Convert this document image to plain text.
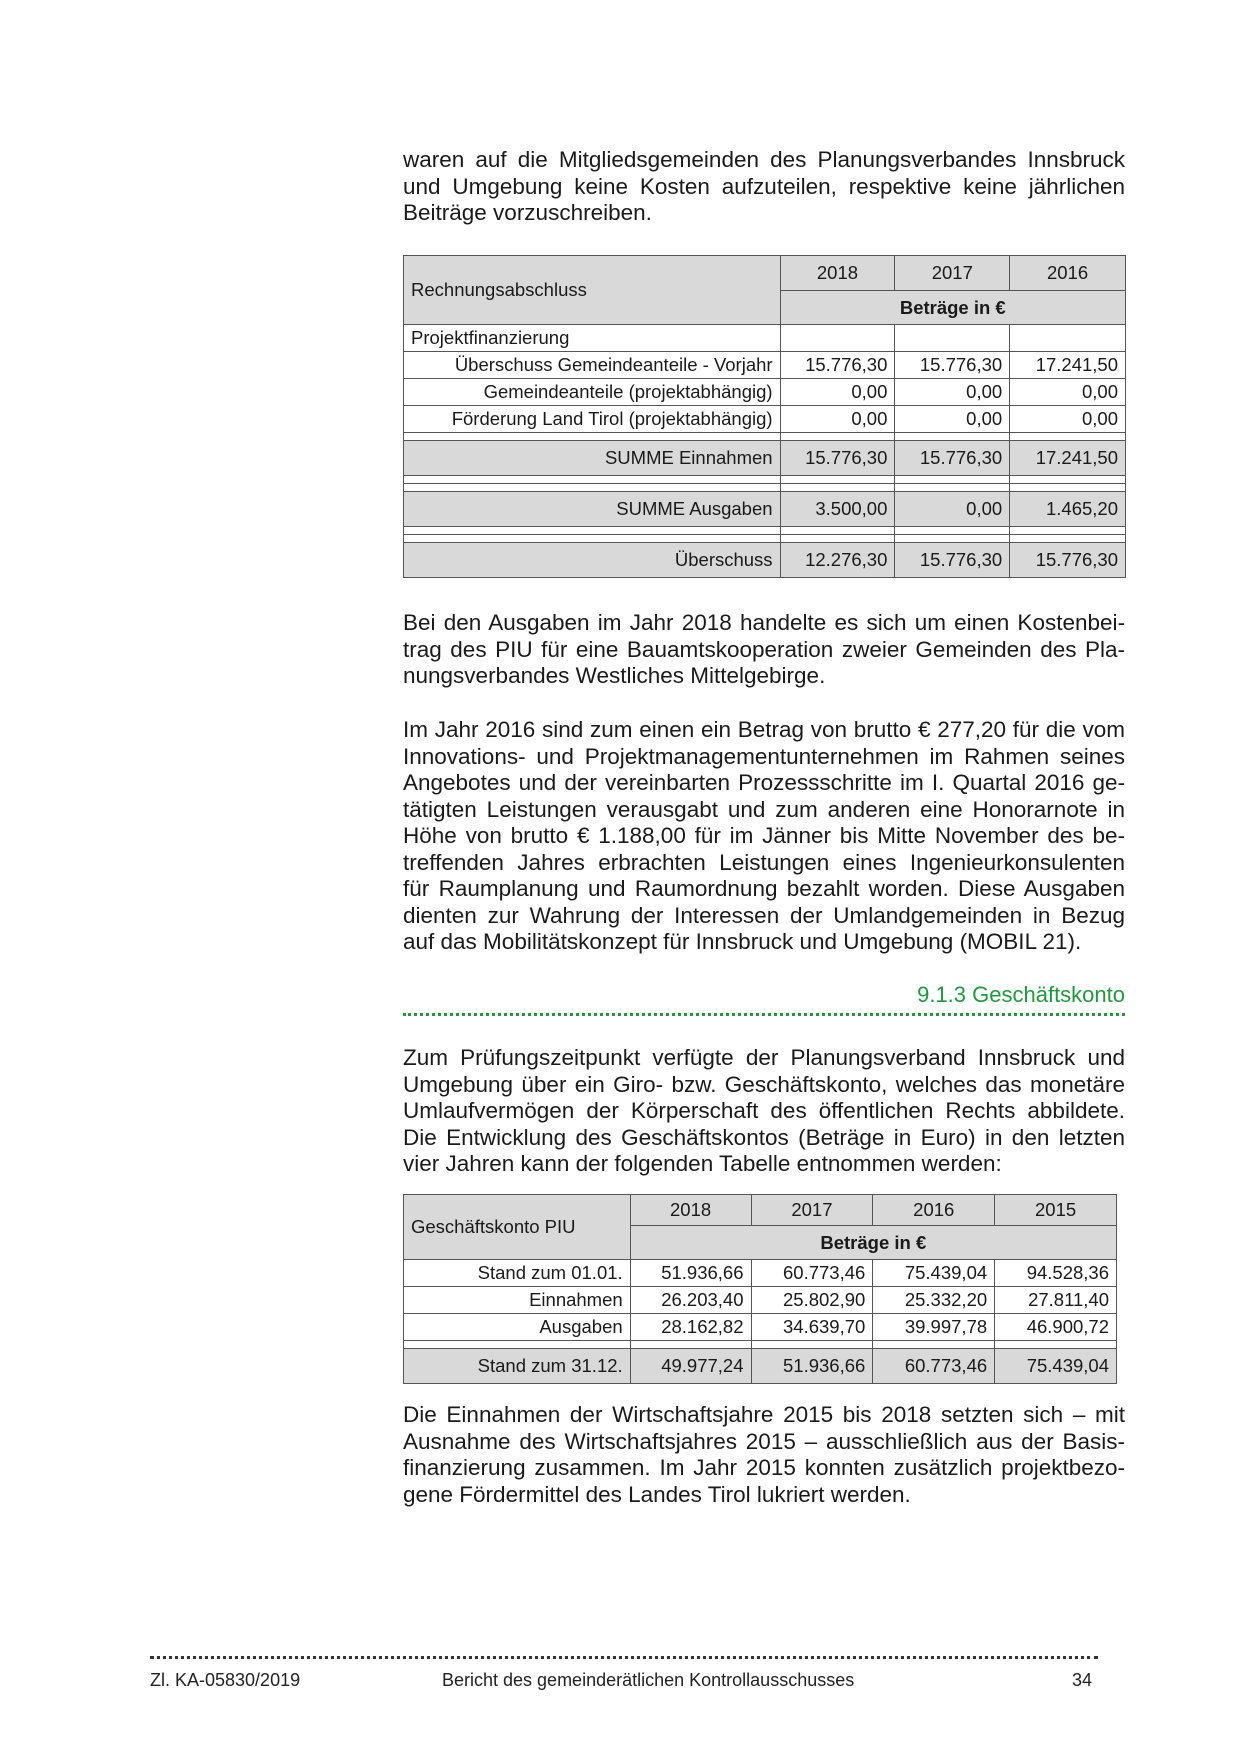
waren auf die Mitgliedsgemeinden des Planungsverbandes Innsbruck
und Umgebung keine Kosten aufzuteilen, respektive keine jährlichen
Beiträge vorzuschreiben.
Rechnungsabschluss	2018	2017	2016
	Beträge in €		
Projektfinanzierung			
Überschuss Gemeindeanteile - Vorjahr	15.776,30	15.776,30	17.241,50
Gemeindeanteile (projektabhängig)	0,00	0,00	0,00
Förderung Land Tirol (projektabhängig)	0,00	0,00	0,00

SUMME Einnahmen	15.776,30	15.776,30	17.241,50

SUMME Ausgaben	3.500,00	0,00	1.465,20

Überschuss	12.276,30	15.776,30	15.776,30
Bei den Ausgaben im Jahr 2018 handelte es sich um einen Kostenbei-
trag des PIU für eine Bauamtskooperation zweier Gemeinden des Pla-
nungsverbandes Westliches Mittelgebirge.
Im Jahr 2016 sind zum einen ein Betrag von brutto € 277,20 für die vom
Innovations- und Projektmanagementunternehmen im Rahmen seines
Angebotes und der vereinbarten Prozessschritte im I. Quartal 2016 ge-
tätigten Leistungen verausgabt und zum anderen eine Honorarnote in
Höhe von brutto € 1.188,00 für im Jänner bis Mitte November des be-
treffenden Jahres erbrachten Leistungen eines Ingenieurkonsulenten
für Raumplanung und Raumordnung bezahlt worden. Diese Ausgaben
dienten zur Wahrung der Interessen der Umlandgemeinden in Bezug
auf das Mobilitätskonzept für Innsbruck und Umgebung (MOBIL 21).
9.1.3 Geschäftskonto
Zum Prüfungszeitpunkt verfügte der Planungsverband Innsbruck und
Umgebung über ein Giro- bzw. Geschäftskonto, welches das monetäre
Umlaufvermögen der Körperschaft des öffentlichen Rechts abbildete.
Die Entwicklung des Geschäftskontos (Beträge in Euro) in den letzten
vier Jahren kann der folgenden Tabelle entnommen werden:
Geschäftskonto PIU	2018	2017	2016	2015
	Beträge in €			
Stand zum 01.01.	51.936,66	60.773,46	75.439,04	94.528,36
Einnahmen	26.203,40	25.802,90	25.332,20	27.811,40
Ausgaben	28.162,82	34.639,70	39.997,78	46.900,72

Stand zum 31.12.	49.977,24	51.936,66	60.773,46	75.439,04
Die Einnahmen der Wirtschaftsjahre 2015 bis 2018 setzten sich – mit
Ausnahme des Wirtschaftsjahres 2015 – ausschließlich aus der Basis-
finanzierung zusammen. Im Jahr 2015 konnten zusätzlich projektbezo-
gene Fördermittel des Landes Tirol lukriert werden.
Zl. KA-05830/2019	Bericht des gemeinderätlichen Kontrollausschusses	34
